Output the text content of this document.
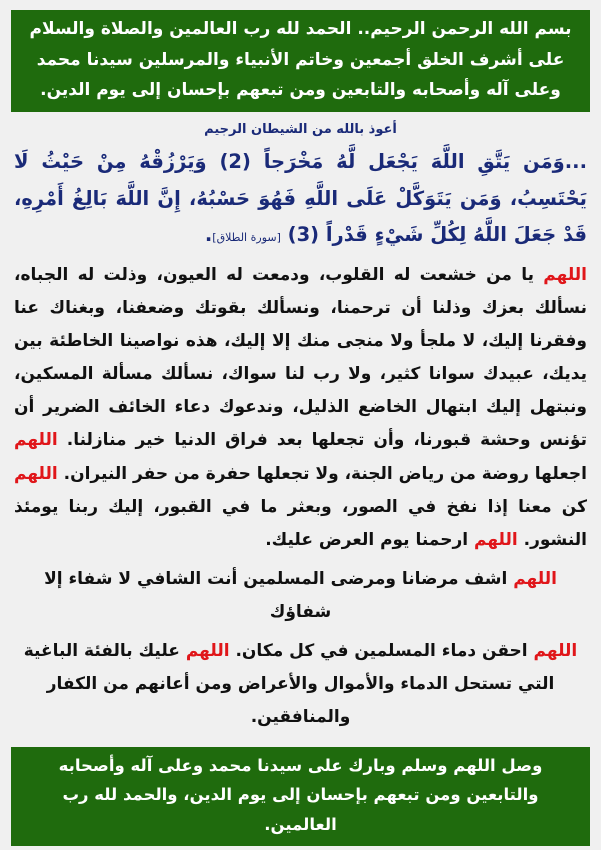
بسم الله الرحمن الرحيم.. الحمد لله رب العالمين والصلاة والسلام على أشرف الخلق أجمعين وخاتم الأنبياء والمرسلين سيدنا محمد وعلى آله وأصحابه والتابعين ومن تبعهم بإحسان إلى يوم الدين.
أعوذ بالله من الشيطان الرجيم
...وَمَن يَتَّقِ اللَّهَ يَجْعَل لَّهُ مَخْرَجاً (2) وَيَرْزُقْهُ مِنْ حَيْثُ لَا يَحْتَسِبُ، وَمَن يَتَوَكَّلْ عَلَى اللَّهِ فَهُوَ حَسْبُهُ، إِنَّ اللَّهَ بَالِغُ أَمْرِهِ، قَدْ جَعَلَ اللَّهُ لِكُلِّ شَيْءٍ قَدْراً (3) [سورة الطلاق].
اللهم يا من خشعت له القلوب، ودمعت له العيون، وذلت له الجباه، نسألك بعزك وذلنا أن ترحمنا، ونسألك بقوتك وضعفنا، وبغناك عنا وفقرنا إليك، لا ملجأ ولا منجى منك إلا إليك، هذه نواصينا الخاطئة بين يديك، عبيدك سوانا كثير، ولا رب لنا سواك، نسألك مسألة المسكين، ونبتهل إليك ابتهال الخاضع الذليل، وندعوك دعاء الخائف الضرير أن تؤنس وحشة قبورنا، وأن تجعلها بعد فراق الدنيا خير منازلنا. اللهم اجعلها روضة من رياض الجنة، ولا تجعلها حفرة من حفر النيران. اللهم كن معنا إذا نفخ في الصور، وبعثر ما في القبور، إليك ربنا يومئذ النشور. اللهم ارحمنا يوم العرض عليك.
اللهم اشف مرضانا ومرضى المسلمين أنت الشافي لا شفاء إلا شفاؤك
اللهم احقن دماء المسلمين في كل مكان. اللهم عليك بالفئة الباغية التي تستحل الدماء والأموال والأعراض ومن أعانهم من الكفار والمنافقين.
وصل اللهم وسلم وبارك على سيدنا محمد وعلى آله وأصحابه والتابعين ومن تبعهم بإحسان إلى يوم الدين، والحمد لله رب العالمين.
